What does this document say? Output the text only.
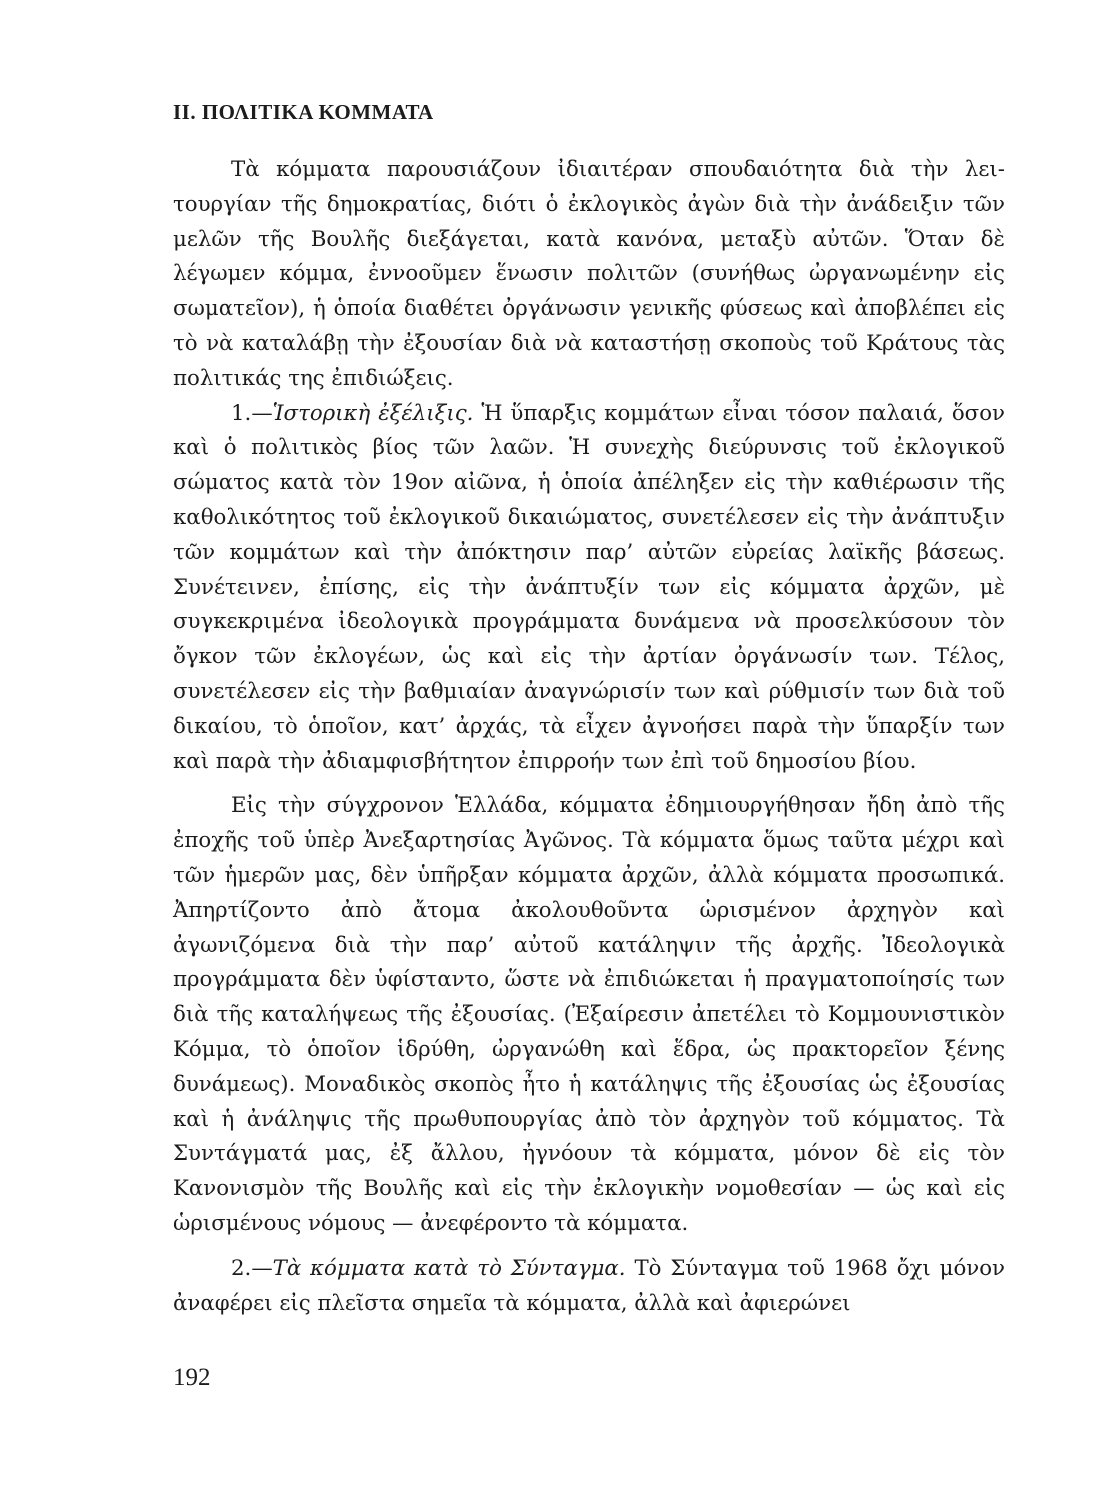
II. ΠΟΛΙΤΙΚΑ ΚΟΜΜΑΤΑ

Τὰ κόμματα παρουσιάζουν ἰδιαιτέραν σπουδαιότητα διὰ τὴν λειτουργίαν τῆς δημοκρατίας, διότι ὁ ἐκλογικὸς ἀγὼν διὰ τὴν ἀνάδειξιν τῶν μελῶν τῆς Βουλῆς διεξάγεται, κατὰ κανόνα, μεταξὺ αὐτῶν. Ὅταν δὲ λέγωμεν κόμμα, ἐννοοῦμεν ἕνωσιν πολιτῶν (συνήθως ὠργανωμένην εἰς σωματεῖον), ἡ ὁποία διαθέτει ὀργάνωσιν γενικῆς φύσεως καὶ ἀποβλέπει εἰς τὸ νὰ καταλάβῃ τὴν ἐξουσίαν διὰ νὰ καταστήσῃ σκοποὺς τοῦ Κράτους τὰς πολιτικάς της ἐπιδιώξεις.

1.—Ἱστορικὴ ἐξέλιξις. Ἡ ὕπαρξις κομμάτων εἶναι τόσον παλαιά, ὅσον καὶ ὁ πολιτικὸς βίος τῶν λαῶν. Ἡ συνεχὴς διεύρυνσις τοῦ ἐκλογικοῦ σώματος κατὰ τὸν 19ον αἰῶνα, ἡ ὁποία ἀπέληξεν εἰς τὴν καθιέρωσιν τῆς καθολικότητος τοῦ ἐκλογικοῦ δικαιώματος, συνετέλεσεν εἰς τὴν ἀνάπτυξιν τῶν κομμάτων καὶ τὴν ἀπόκτησιν παρ’ αὐτῶν εὐρείας λαϊκῆς βάσεως. Συνέτεινεν, ἐπίσης, εἰς τὴν ἀνάπτυξίν των εἰς κόμματα ἀρχῶν, μὲ συγκεκριμένα ἰδεολογικὰ προγράμματα δυνάμενα νὰ προσελκύσουν τὸν ὄγκον τῶν ἐκλογέων, ὡς καὶ εἰς τὴν ἀρτίαν ὀργάνωσίν των. Τέλος, συνετέλεσεν εἰς τὴν βαθμιαίαν ἀναγνώρισίν των καὶ ρύθμισίν των διὰ τοῦ δικαίου, τὸ ὁποῖον, κατ’ ἀρχάς, τὰ εἶχεν ἀγνοήσει παρὰ τὴν ὕπαρξίν των καὶ παρὰ τὴν ἀδιαμφισβήτητον ἐπιρροήν των ἐπὶ τοῦ δημοσίου βίου.

Εἰς τὴν σύγχρονον Ἑλλάδα, κόμματα ἐδημιουργήθησαν ἤδη ἀπὸ τῆς ἐποχῆς τοῦ ὑπὲρ Ἀνεξαρτησίας Ἀγῶνος. Τὰ κόμματα ὅμως ταῦτα μέχρι καὶ τῶν ἡμερῶν μας, δὲν ὑπῆρξαν κόμματα ἀρχῶν, ἀλλὰ κόμματα προσωπικά. Ἀπηρτίζοντο ἀπὸ ἄτομα ἀκολουθοῦντα ὡρισμένον ἀρχηγὸν καὶ ἀγωνιζόμενα διὰ τὴν παρ’ αὐτοῦ κατάληψιν τῆς ἀρχῆς. Ἰδεολογικὰ προγράμματα δὲν ὑφίσταντο, ὥστε νὰ ἐπιδιώκεται ἡ πραγματοποίησίς των διὰ τῆς καταλήψεως τῆς ἐξουσίας. (Ἐξαίρεσιν ἀπετέλει τὸ Κομμουνιστικὸν Κόμμα, τὸ ὁποῖον ἱδρύθη, ὠργανώθη καὶ ἕδρα, ὡς πρακτορεῖον ξένης δυνάμεως). Μοναδικὸς σκοπὸς ἦτο ἡ κατάληψις τῆς ἐξουσίας ὡς ἐξουσίας καὶ ἡ ἀνάληψις τῆς πρωθυπουργίας ἀπὸ τὸν ἀρχηγὸν τοῦ κόμματος. Τὰ Συντάγματά μας, ἐξ ἄλλου, ἠγνόουν τὰ κόμματα, μόνον δὲ εἰς τὸν Κανονισμὸν τῆς Βουλῆς καὶ εἰς τὴν ἐκλογικὴν νομοθεσίαν — ὡς καὶ εἰς ὡρισμένους νόμους — ἀνεφέροντο τὰ κόμματα.

2.—Τὰ κόμματα κατὰ τὸ Σύνταγμα. Τὸ Σύνταγμα τοῦ 1968 ὄχι μόνον ἀναφέρει εἰς πλεῖστα σημεῖα τὰ κόμματα, ἀλλὰ καὶ ἀφιερώνει

192
